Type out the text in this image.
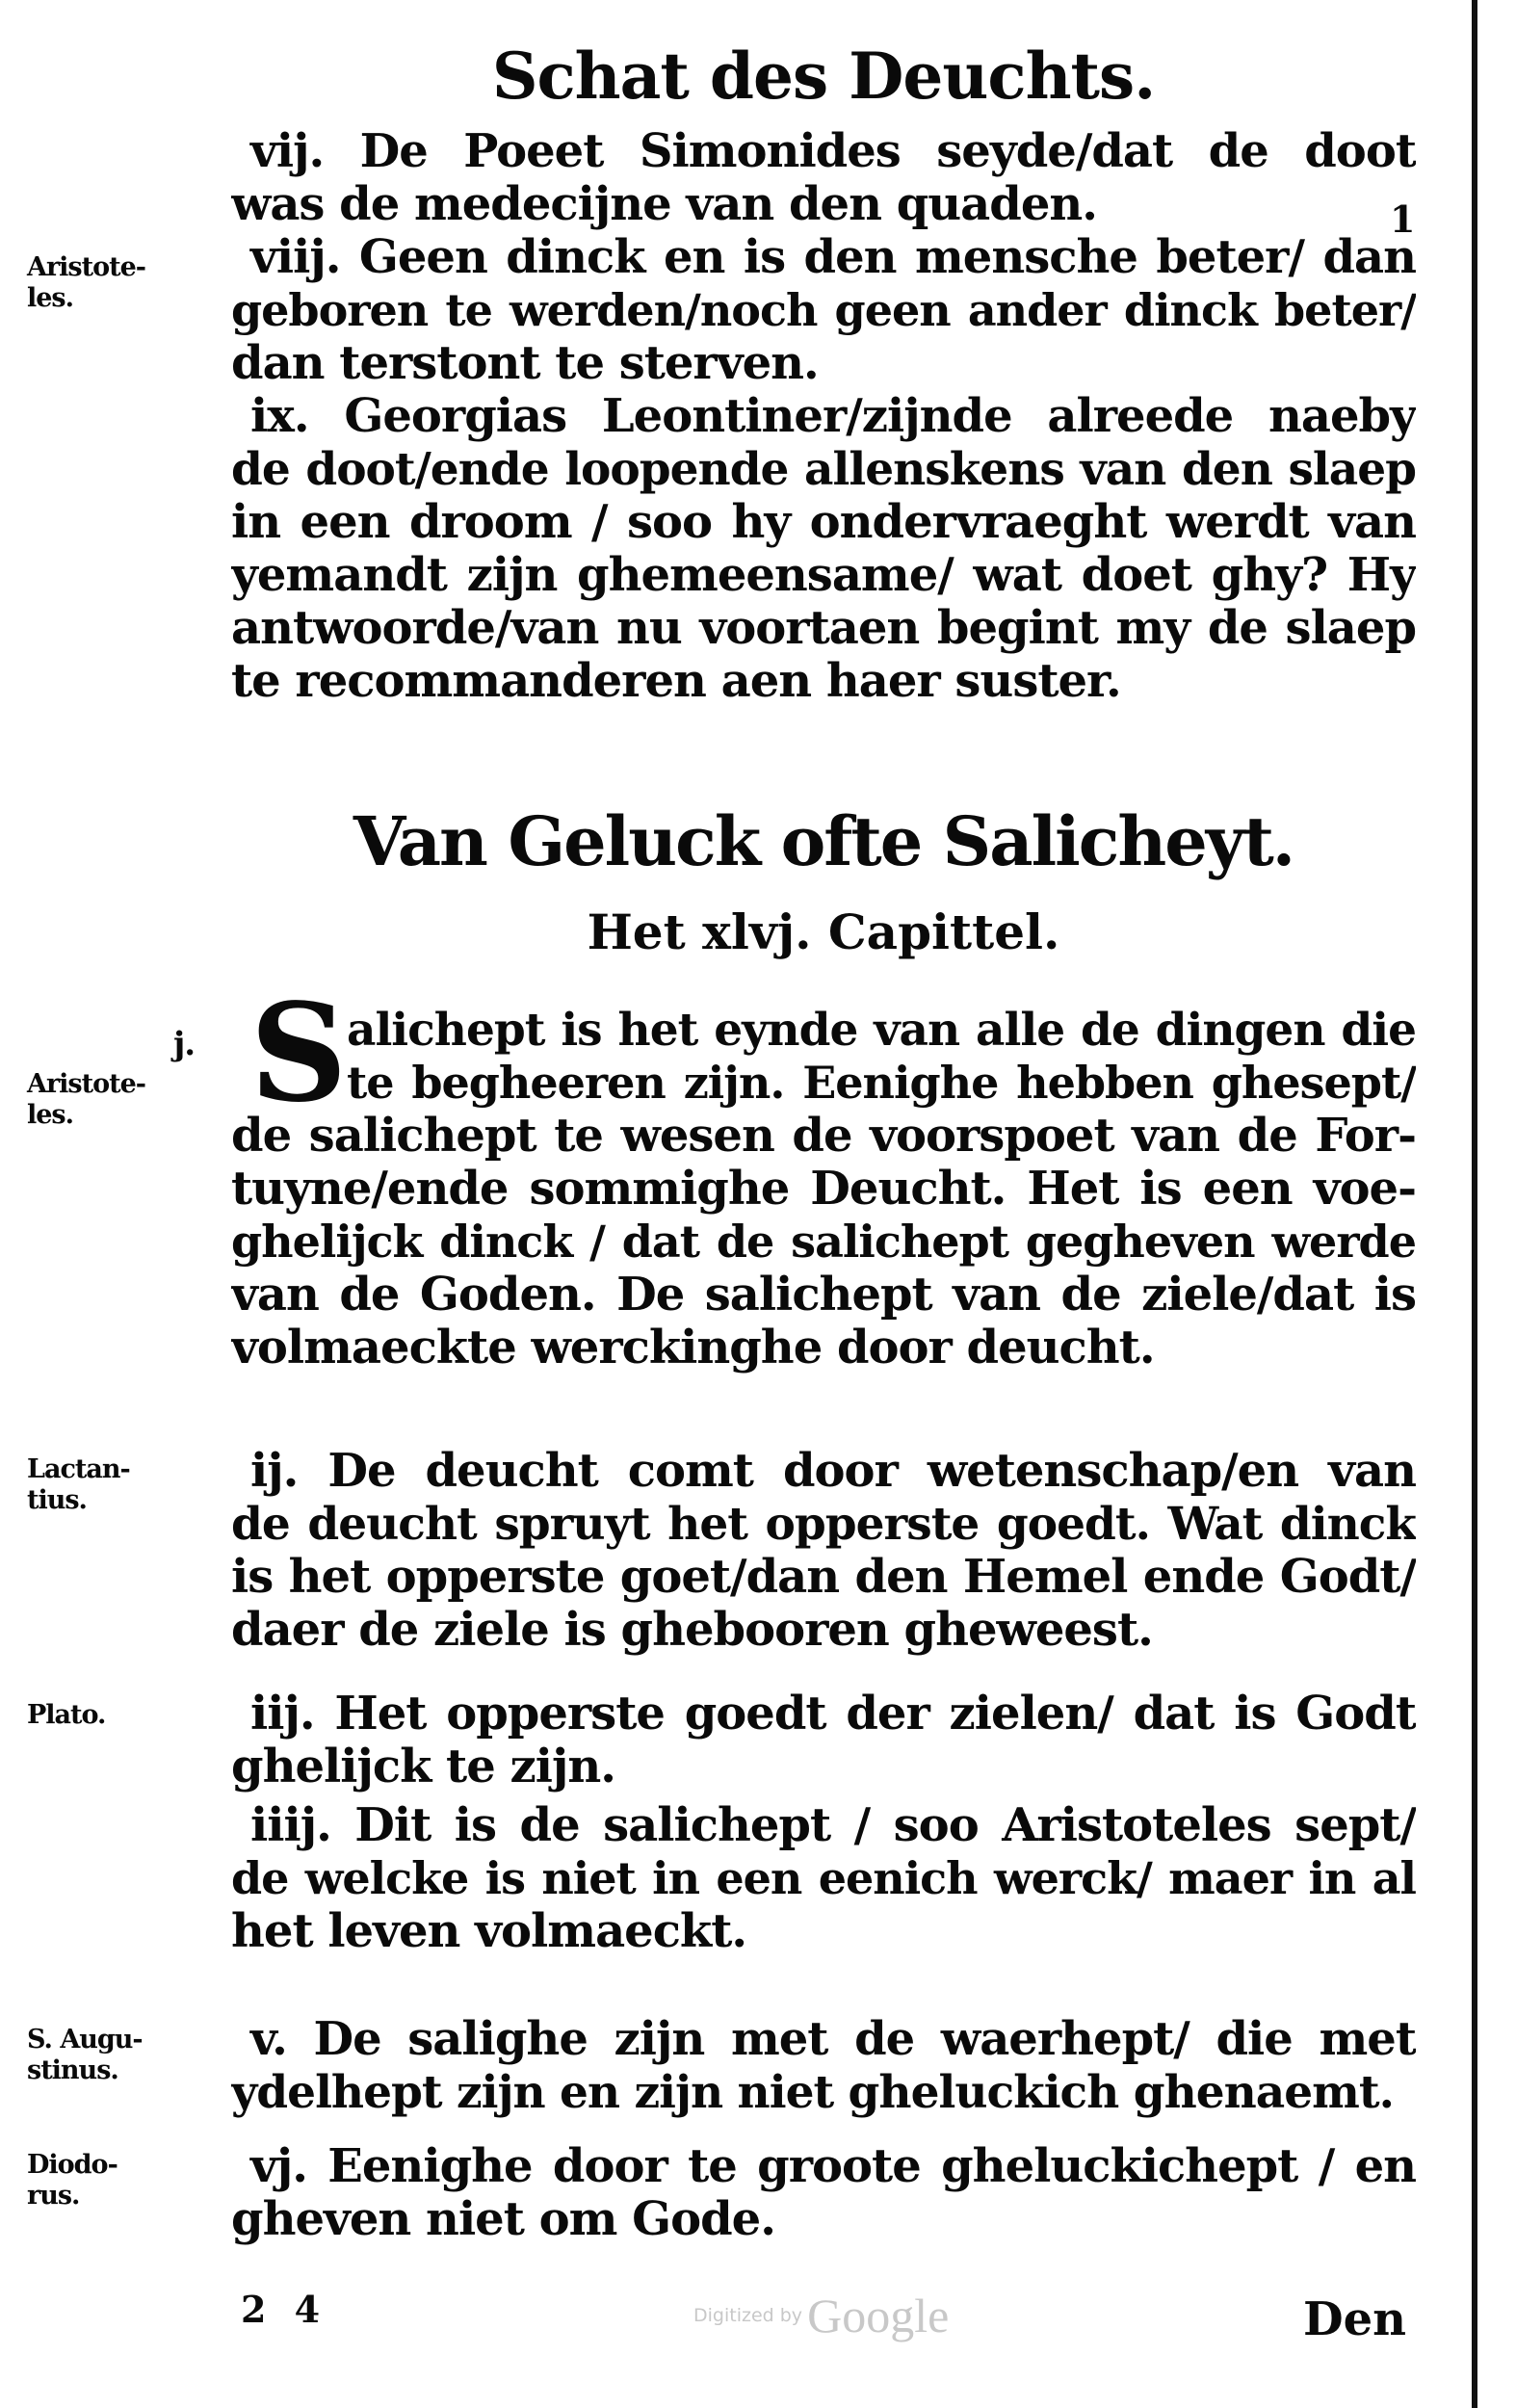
Schat des Deuchts.
1
Aristote-
les.
vij. De Poeet Simonides seyde/dat de doot
was de medecijne van den quaden.
viij. Geen dinck en is den mensche beter/ dan
geboren te werden/noch geen ander dinck beter/
dan terstont te sterven.
ix. Georgias Leontiner/zijnde alreede naeby
de doot/ende loopende allenskens van den slaep
in een droom / soo hy ondervraeght werdt van
yemandt zijn ghemeensame/ wat doet ghy? Hy
antwoorde/van nu voortaen begint my de slaep
te recommanderen aen haer suster.
Van Geluck ofte Salicheyt.
Het xlvj. Capittel.
j.
Aristote-
les.	S alichept is het eynde van alle de dingen die
te begheeren zijn. Eenighe hebben ghesept/
de salichept te wesen de voorspoet van de For-
tuyne/ende sommighe Deucht. Het is een voe-
ghelijck dinck / dat de salichept gegheven werde
van de Goden. De salichept van de ziele/dat is
volmaeckte werckinghe door deucht.
Lactan-
tius.
ij. De deucht comt door wetenschap/en van
de deucht spruyt het opperste goedt. Wat dinck
is het opperste goet/dan den Hemel ende Godt/
daer de ziele is ghebooren gheweest.
Plato.	iij. Het opperste goedt der zielen/ dat is Godt
ghelijck te zijn.
iiij. Dit is de salichept / soo Aristoteles sept/
de welcke is niet in een eenich werck/ maer in al
het leven volmaeckt.
S. Augu-
stinus.
v. De salighe zijn met de waerhept/ die met
ydelhept zijn en zijn niet gheluckich ghenaemt.
Diodo-
rus.
vj. Eenighe door te groote gheluckichept / en
gheven niet om Gode.
2 4	Digitized by Google	Den
